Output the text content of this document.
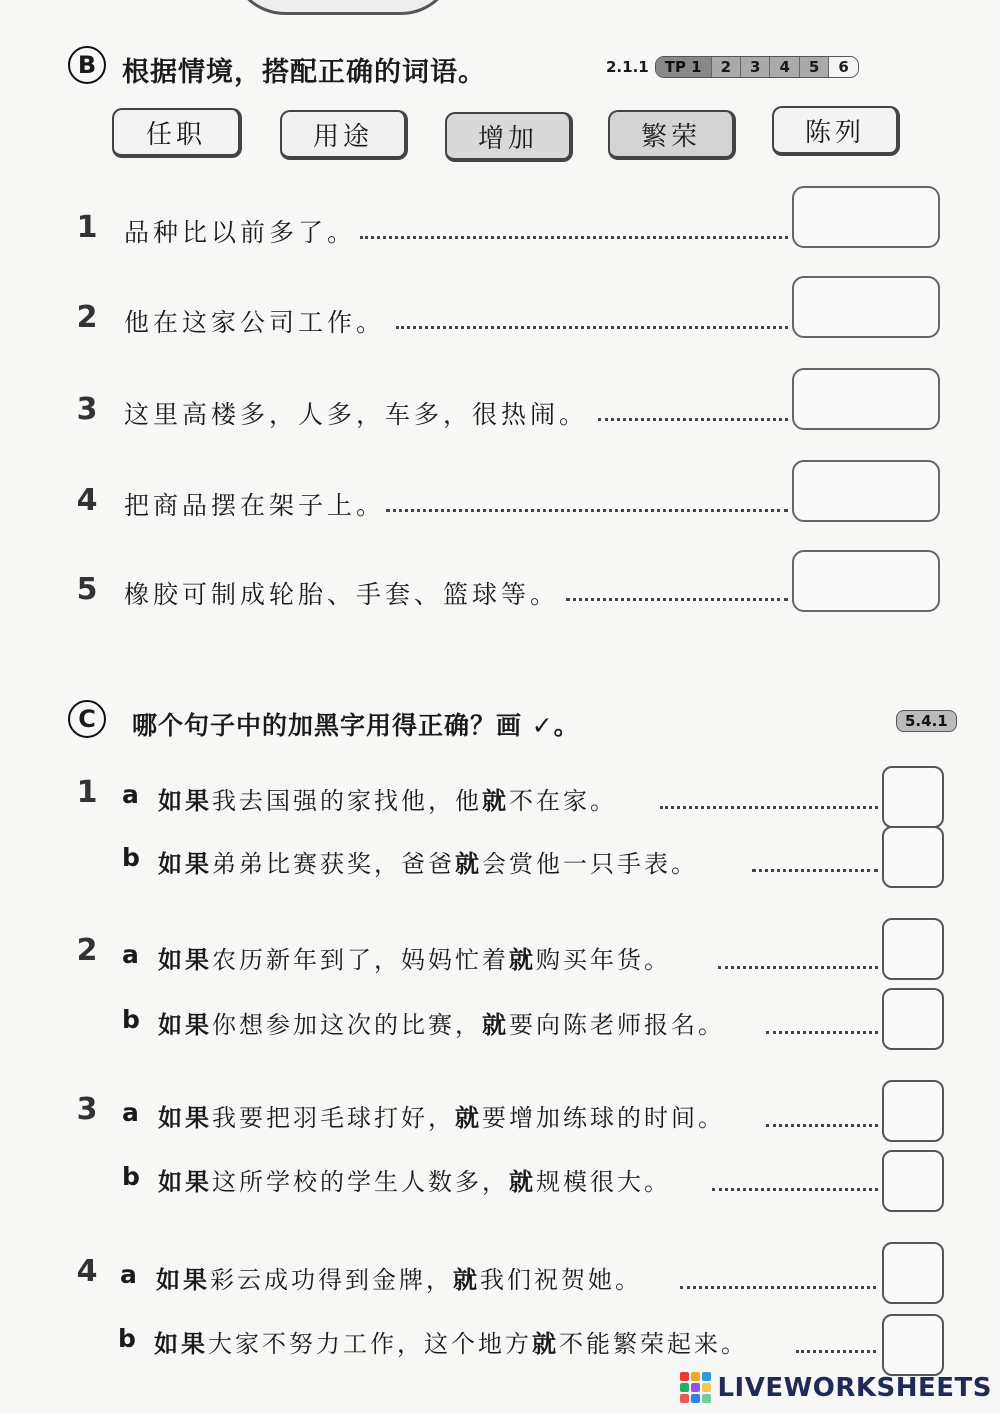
B 根据情境，搭配正确的词语。	2.1.1	TP 1	2	3	4	5	6
任职	用途	增加	繁荣	陈列
1 品种比以前多了。
2 他在这家公司工作。
3 这里高楼多，人多，车多，很热闹。
4 把商品摆在架子上。
5 橡胶可制成轮胎、手套、篮球等。
C	哪个句子中的加黑字用得正确？画 ✓。	5.4.1
1 a 如果我去国强的家找他，他就不在家。
b 如果弟弟比赛获奖，爸爸就会赏他一只手表。
2 a 如果农历新年到了，妈妈忙着就购买年货。
b 如果你想参加这次的比赛，就要向陈老师报名。
3 a 如果我要把羽毛球打好，就要增加练球的时间。
b 如果这所学校的学生人数多，就规模很大。
4 a 如果彩云成功得到金牌，就我们祝贺她。
b 如果大家不努力工作，这个地方就不能繁荣起来。
LIVEWORKSHEETS
